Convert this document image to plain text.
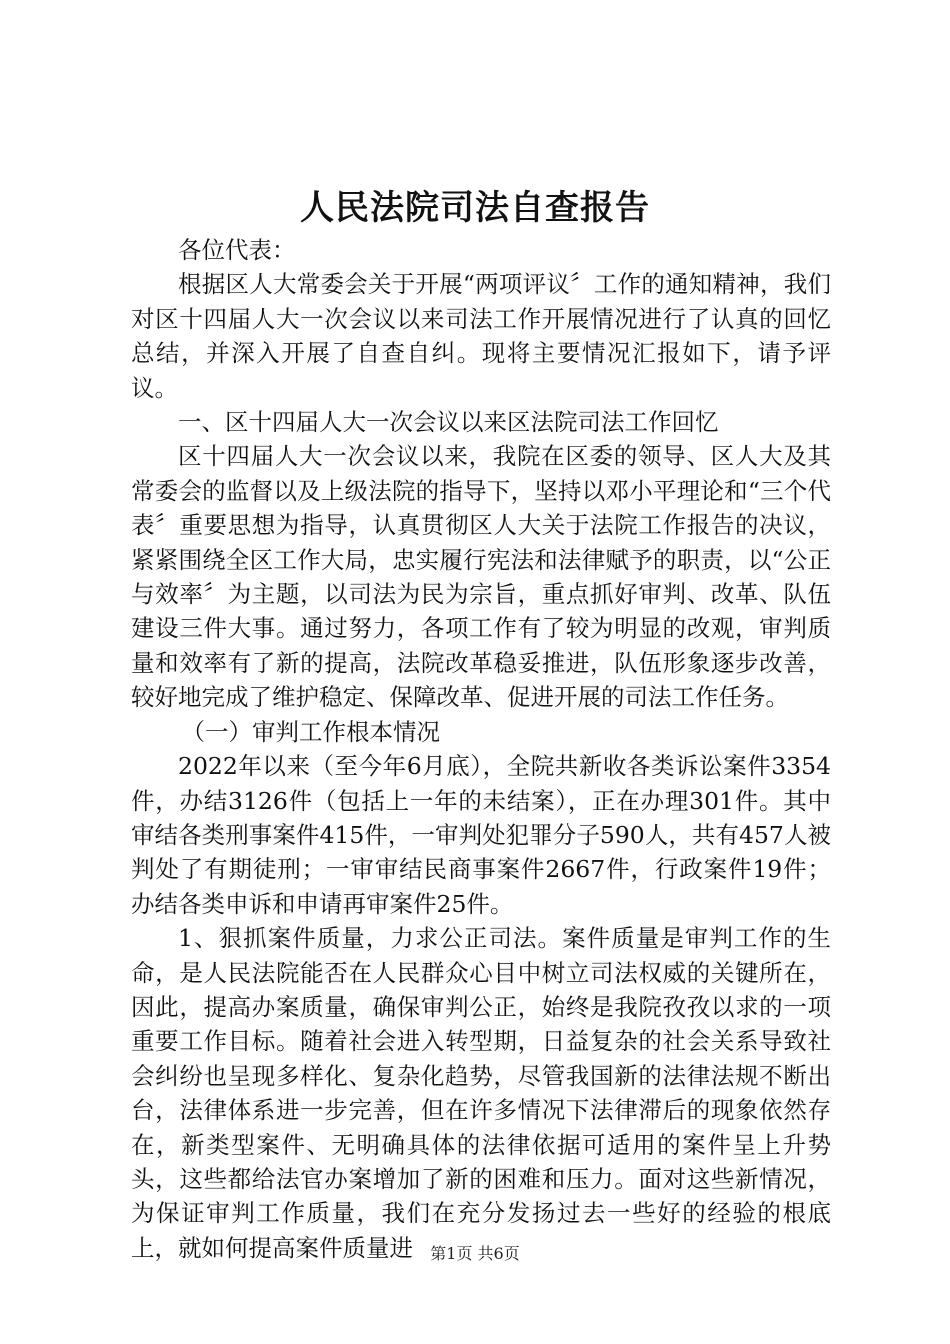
人民法院司法自查报告

各位代表：

根据区人大常委会关于开展“两项评议〞工作的通知精神，我们对区十四届人大一次会议以来司法工作开展情况进行了认真的回忆总结，并深入开展了自查自纠。现将主要情况汇报如下，请予评议。

一、区十四届人大一次会议以来区法院司法工作回忆

区十四届人大一次会议以来，我院在区委的领导、区人大及其常委会的监督以及上级法院的指导下，坚持以邓小平理论和“三个代表〞重要思想为指导，认真贯彻区人大关于法院工作报告的决议，紧紧围绕全区工作大局，忠实履行宪法和法律赋予的职责，以“公正与效率〞为主题，以司法为民为宗旨，重点抓好审判、改革、队伍建设三件大事。通过努力，各项工作有了较为明显的改观，审判质量和效率有了新的提高，法院改革稳妥推进，队伍形象逐步改善，较好地完成了维护稳定、保障改革、促进开展的司法工作任务。

（一）审判工作根本情况

2022年以来（至今年6月底），全院共新收各类诉讼案件3354件，办结3126件（包括上一年的未结案），正在办理301件。其中审结各类刑事案件415件，一审判处犯罪分子590人，共有457人被判处了有期徒刑；一审审结民商事案件2667件，行政案件19件；办结各类申诉和申请再审案件25件。

1、狠抓案件质量，力求公正司法。案件质量是审判工作的生命，是人民法院能否在人民群众心目中树立司法权威的关键所在，因此，提高办案质量，确保审判公正，始终是我院孜孜以求的一项重要工作目标。随着社会进入转型期，日益复杂的社会关系导致社会纠纷也呈现多样化、复杂化趋势，尽管我国新的法律法规不断出台，法律体系进一步完善，但在许多情况下法律滞后的现象依然存在，新类型案件、无明确具体的法律依据可适用的案件呈上升势头，这些都给法官办案增加了新的困难和压力。面对这些新情况，为保证审判工作质量，我们在充分发扬过去一些好的经验的根底上，就如何提高案件质量进	第1页 共6页
